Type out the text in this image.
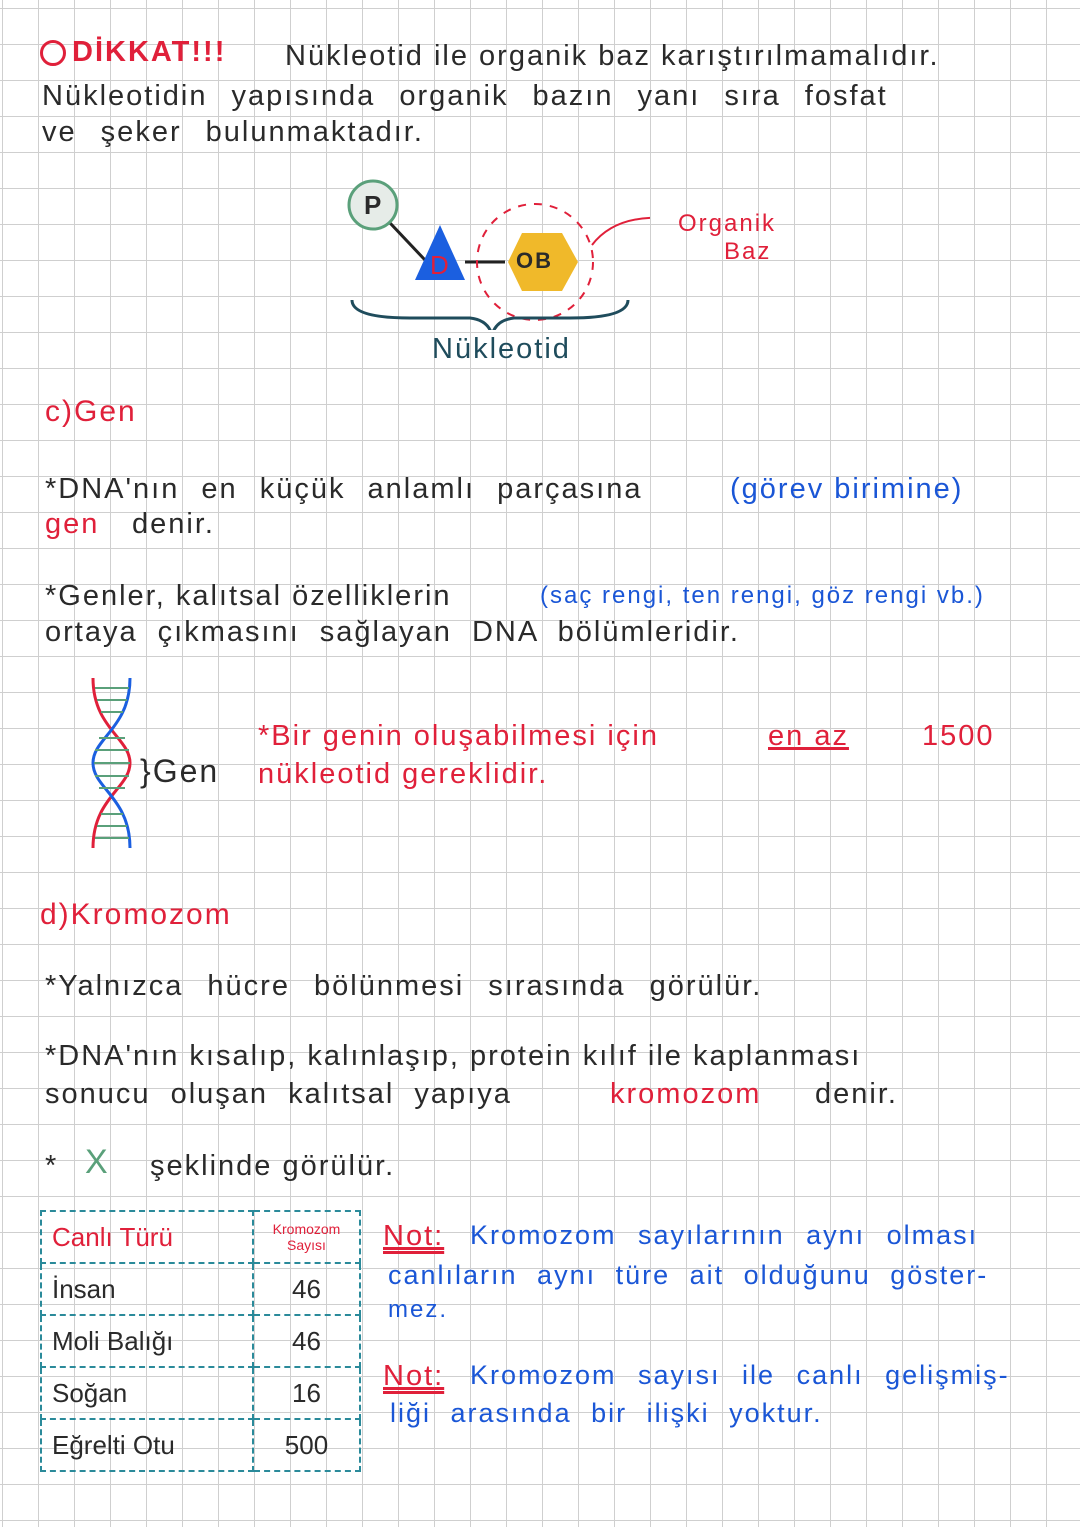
DİKKAT!!! Nükleotid ile organik baz karıştırılmamalıdır.
Nükleotidin yapısında organik bazın yanı sıra fosfat
ve şeker bulunmaktadır.
P
D	OB
Organik
Baz
Nükleotid
c)Gen
*DNA'nın en küçük anlamlı parçasına	(görev birimine)
gen denir.
*Genler, kalıtsal özelliklerin	(saç rengi, ten rengi, göz rengi vb.)
ortaya çıkmasını sağlayan DNA bölümleridir.
}Gen
*Bir genin oluşabilmesi için	en az	1500
nükleotid gereklidir.
d)Kromozom
*Yalnızca hücre bölünmesi sırasında görülür.
*DNA'nın kısalıp, kalınlaşıp, protein kılıf ile kaplanması
sonucu oluşan kalıtsal yapıya	kromozom denir.
* X şeklinde görülür.
Canlı Türü	Kromozom Sayısı
İnsan	46
Moli Balığı	46
Soğan	16
Eğrelti Otu	500
Not: Kromozom sayılarının aynı olması
canlıların aynı türe ait olduğunu göster-
mez.
Not: Kromozom sayısı ile canlı gelişmiş-
liği arasında bir ilişki yoktur.
